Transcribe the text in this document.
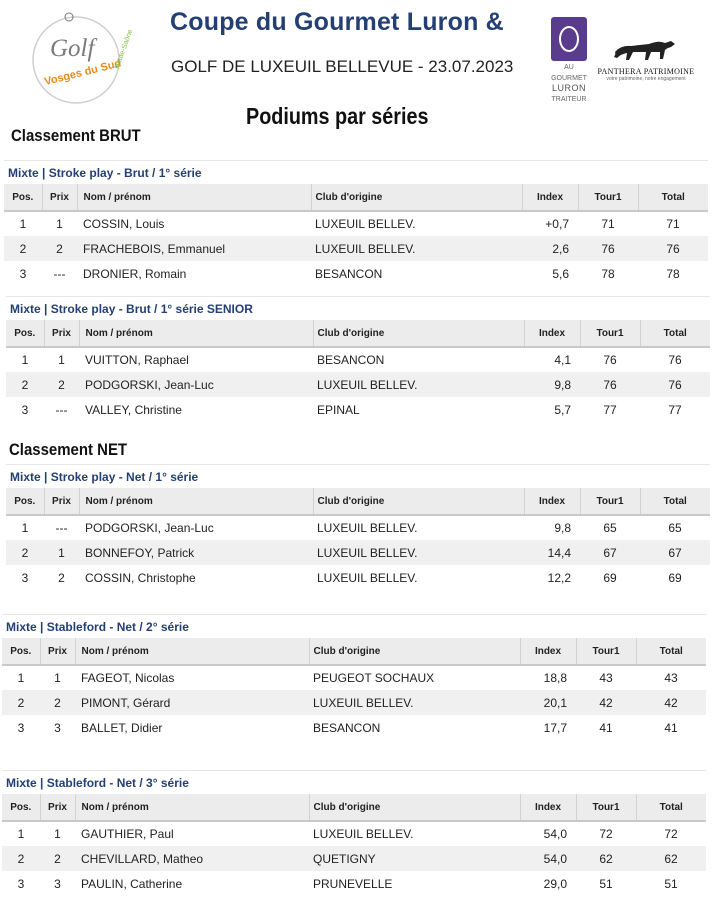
Golf
Vosges du Sud
Haute-Saône
Coupe du Gourmet Luron &
GOLF DE LUXEUIL BELLEVUE - 23.07.2023	AU
GOURMET
LURON
TRAITEUR
PANTHERA PATRIMOINE
votre patrimoine, notre engagement
Podiums par séries
Classement BRUT
Classement NET
Mixte | Stroke play - Brut / 1° série
Pos.	Prix	Nom / prénom	Club d'origine	Index	Tour1	Total
1	1	COSSIN, Louis	LUXEUIL BELLEV.	+0,7	71	71
2	2	FRACHEBOIS, Emmanuel	LUXEUIL BELLEV.	2,6	76	76
3	---	DRONIER, Romain	BESANCON	5,6	78	78
Mixte | Stroke play - Brut / 1° série SENIOR
Pos.	Prix	Nom / prénom	Club d'origine	Index	Tour1	Total
1	1	VUITTON, Raphael	BESANCON	4,1	76	76
2	2	PODGORSKI, Jean-Luc	LUXEUIL BELLEV.	9,8	76	76
3	---	VALLEY, Christine	EPINAL	5,7	77	77
Mixte | Stroke play - Net / 1° série
Pos.	Prix	Nom / prénom	Club d'origine	Index	Tour1	Total
1	---	PODGORSKI, Jean-Luc	LUXEUIL BELLEV.	9,8	65	65
2	1	BONNEFOY, Patrick	LUXEUIL BELLEV.	14,4	67	67
3	2	COSSIN, Christophe	LUXEUIL BELLEV.	12,2	69	69
Mixte | Stableford - Net / 2° série
Pos.	Prix	Nom / prénom	Club d'origine	Index	Tour1	Total
1	1	FAGEOT, Nicolas	PEUGEOT SOCHAUX	18,8	43	43
2	2	PIMONT, Gérard	LUXEUIL BELLEV.	20,1	42	42
3	3	BALLET, Didier	BESANCON	17,7	41	41
Mixte | Stableford - Net / 3° série
Pos.	Prix	Nom / prénom	Club d'origine	Index	Tour1	Total
1	1	GAUTHIER, Paul	LUXEUIL BELLEV.	54,0	72	72
2	2	CHEVILLARD, Matheo	QUETIGNY	54,0	62	62
3	3	PAULIN, Catherine	PRUNEVELLE	29,0	51	51
